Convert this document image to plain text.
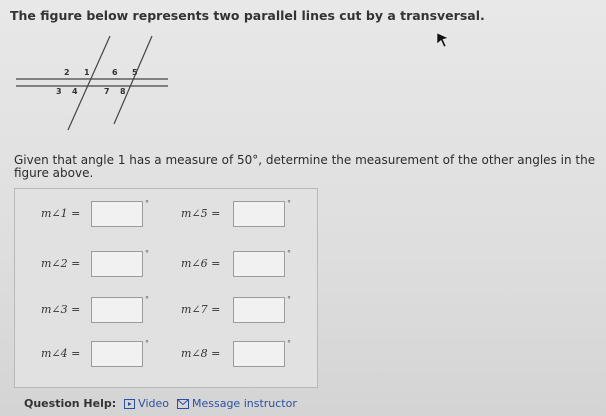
The figure below represents two parallel lines cut by a transversal.
2 1	6 5
3 4	7 8
Given that angle 1 has a measure of 50°, determine the measurement of the other angles in the figure above.
m∠1 =
°
m∠5 =
°
m∠2 =
°
m∠6 =
°
m∠3 =
°
m∠7 =
°
m∠4 =
°
m∠8 =
°
Question Help: Video Message instructor
